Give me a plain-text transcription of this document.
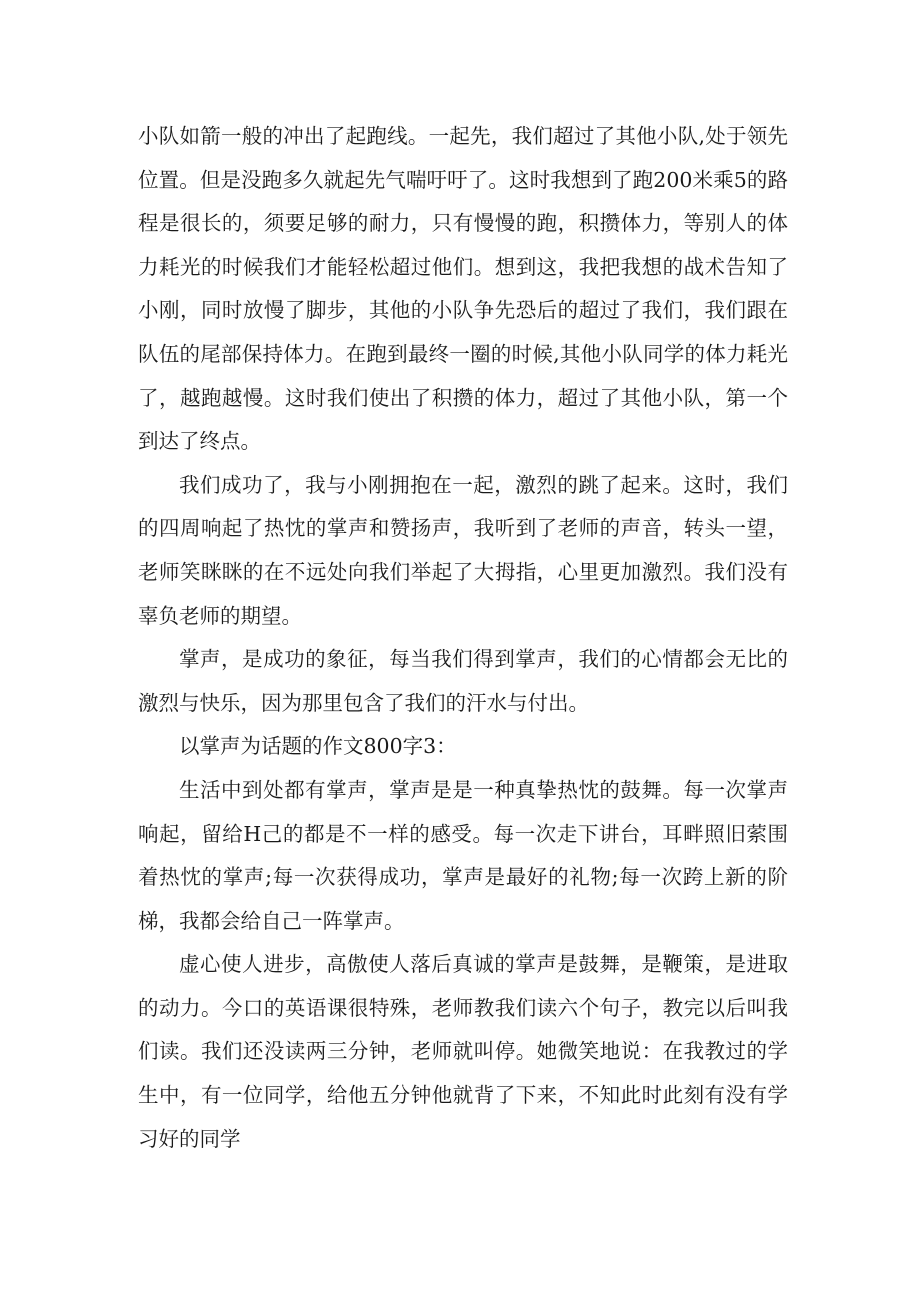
小队如箭一般的冲出了起跑线。一起先，我们超过了其他小队,处于领先位置。但是没跑多久就起先气喘吁吁了。这时我想到了跑200米乘5的路程是很长的，须要足够的耐力，只有慢慢的跑，积攒体力，等别人的体力耗光的时候我们才能轻松超过他们。想到这，我把我想的战术告知了小刚，同时放慢了脚步，其他的小队争先恐后的超过了我们，我们跟在队伍的尾部保持体力。在跑到最终一圈的时候,其他小队同学的体力耗光了，越跑越慢。这时我们使出了积攒的体力，超过了其他小队，第一个到达了终点。

我们成功了，我与小刚拥抱在一起，激烈的跳了起来。这时，我们的四周响起了热忱的掌声和赞扬声，我听到了老师的声音，转头一望，老师笑眯眯的在不远处向我们举起了大拇指，心里更加激烈。我们没有辜负老师的期望。

掌声，是成功的象征，每当我们得到掌声，我们的心情都会无比的激烈与快乐，因为那里包含了我们的汗水与付出。

以掌声为话题的作文800字3：

生活中到处都有掌声，掌声是是一种真挚热忱的鼓舞。每一次掌声响起，留给H己的都是不一样的感受。每一次走下讲台，耳畔照旧萦围着热忱的掌声;每一次获得成功，掌声是最好的礼物;每一次跨上新的阶梯，我都会给自己一阵掌声。

虚心使人进步，高傲使人落后真诚的掌声是鼓舞，是鞭策，是进取的动力。今口的英语课很特殊，老师教我们读六个句子，教完以后叫我们读。我们还没读两三分钟，老师就叫停。她微笑地说：在我教过的学生中，有一位同学，给他五分钟他就背了下来，不知此时此刻有没有学习好的同学
